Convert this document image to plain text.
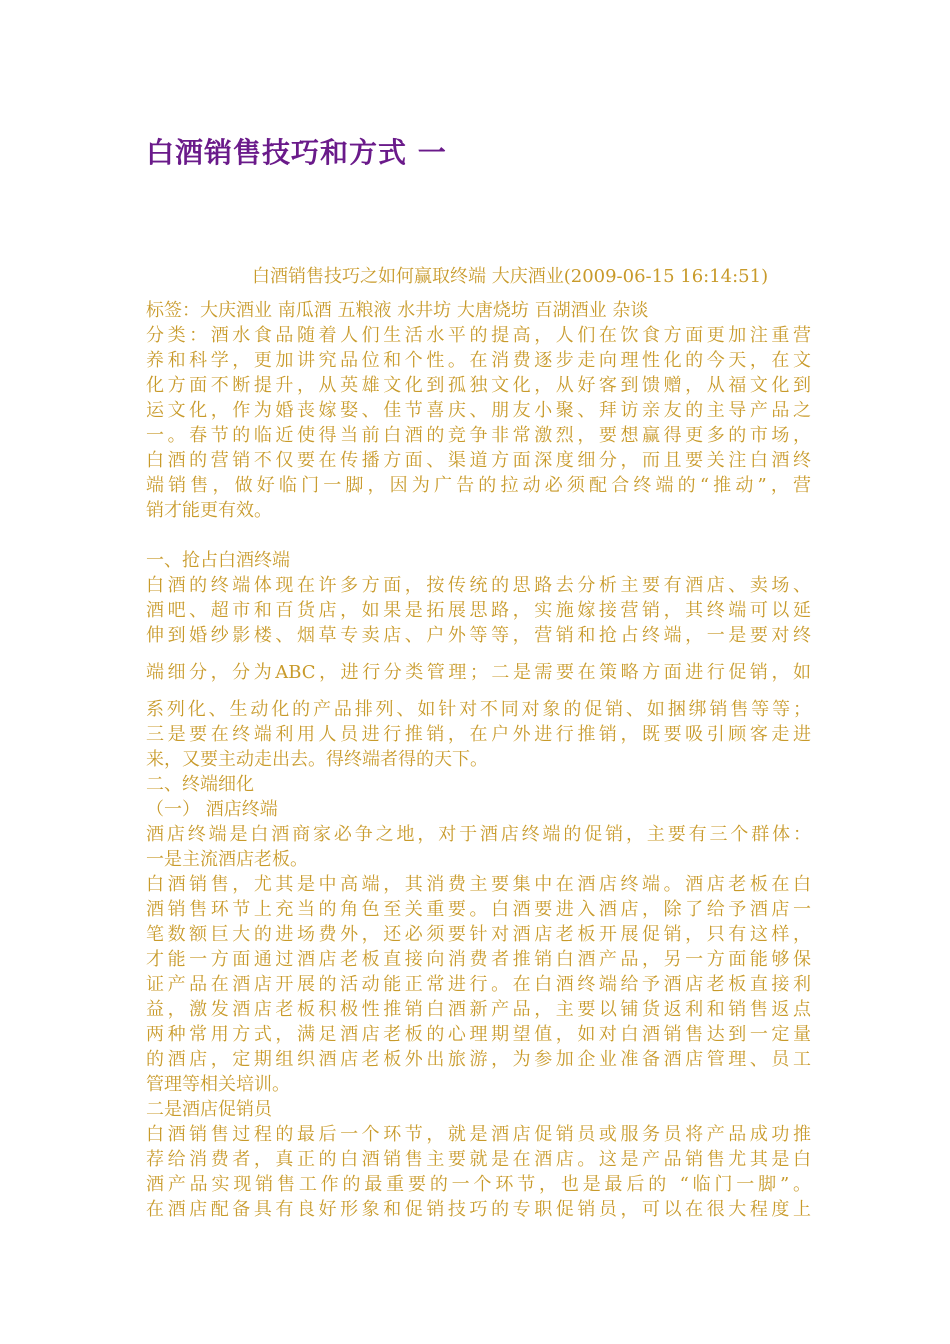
白酒销售技巧和方式 一
白酒销售技巧之如何赢取终端 大庆酒业(2009-06-15 16:14:51)
标签：大庆酒业 南瓜酒 五粮液 水井坊 大唐烧坊 百湖酒业 杂谈
分类：酒水食品随着人们生活水平的提高，人们在饮食方面更加注重营
养和科学，更加讲究品位和个性。在消费逐步走向理性化的今天，在文
化方面不断提升，从英雄文化到孤独文化，从好客到馈赠，从福文化到
运文化，作为婚丧嫁娶、佳节喜庆、朋友小聚、拜访亲友的主导产品之
一。春节的临近使得当前白酒的竞争非常激烈，要想赢得更多的市场，
白酒的营销不仅要在传播方面、渠道方面深度细分，而且要关注白酒终
端销售，做好临门一脚，因为广告的拉动必须配合终端的“推动”，营
销才能更有效。
一、抢占白酒终端
白酒的终端体现在许多方面，按传统的思路去分析主要有酒店、卖场、
酒吧、超市和百货店，如果是拓展思路，实施嫁接营销，其终端可以延
伸到婚纱影楼、烟草专卖店、户外等等，营销和抢占终端，一是要对终
端细分，分为ABC，进行分类管理；二是需要在策略方面进行促销，如
系列化、生动化的产品排列、如针对不同对象的促销、如捆绑销售等等；
三是要在终端利用人员进行推销，在户外进行推销，既要吸引顾客走进
来，又要主动走出去。得终端者得的天下。
二、终端细化
（一） 酒店终端
酒店终端是白酒商家必争之地，对于酒店终端的促销，主要有三个群体：
一是主流酒店老板。
白酒销售，尤其是中高端，其消费主要集中在酒店终端。酒店老板在白
酒销售环节上充当的角色至关重要。白酒要进入酒店，除了给予酒店一
笔数额巨大的进场费外，还必须要针对酒店老板开展促销，只有这样，
才能一方面通过酒店老板直接向消费者推销白酒产品，另一方面能够保
证产品在酒店开展的活动能正常进行。在白酒终端给予酒店老板直接利
益，激发酒店老板积极性推销白酒新产品，主要以铺货返利和销售返点
两种常用方式，满足酒店老板的心理期望值，如对白酒销售达到一定量
的酒店，定期组织酒店老板外出旅游，为参加企业准备酒店管理、员工
管理等相关培训。
二是酒店促销员
白酒销售过程的最后一个环节，就是酒店促销员或服务员将产品成功推
荐给消费者，真正的白酒销售主要就是在酒店。这是产品销售尤其是白
酒产品实现销售工作的最重要的一个环节，也是最后的 “临门一脚”。
在酒店配备具有良好形象和促销技巧的专职促销员，可以在很大程度上
